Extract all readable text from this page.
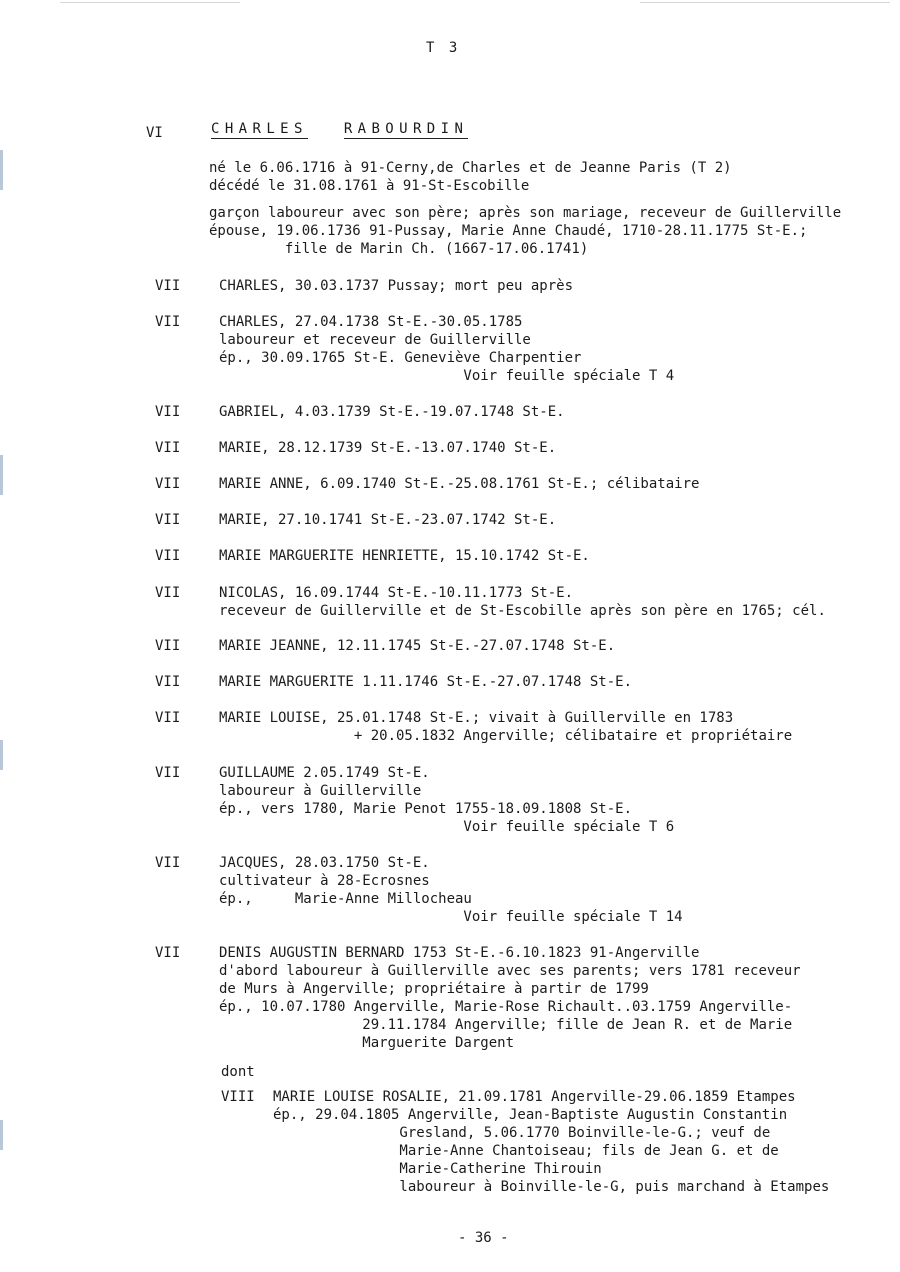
T 3
VI	CHARLES	RABOURDIN
né le 6.06.1716 à 91-Cerny,de Charles et de Jeanne Paris (T 2)
décédé le 31.08.1761 à 91-St-Escobille
garçon laboureur avec son père; après son mariage, receveur de Guillerville
épouse, 19.06.1736 91-Pussay, Marie Anne Chaudé, 1710-28.11.1775 St-E.;
fille de Marin Ch. (1667-17.06.1741)
VII	CHARLES, 30.03.1737 Pussay; mort peu après
VII	CHARLES, 27.04.1738 St-E.-30.05.1785
laboureur et receveur de Guillerville
ép., 30.09.1765 St-E. Geneviève Charpentier
Voir feuille spéciale T 4
VII	GABRIEL, 4.03.1739 St-E.-19.07.1748 St-E.
VII	MARIE, 28.12.1739 St-E.-13.07.1740 St-E.
VII	MARIE ANNE, 6.09.1740 St-E.-25.08.1761 St-E.; célibataire
VII	MARIE, 27.10.1741 St-E.-23.07.1742 St-E.
VII	MARIE MARGUERITE HENRIETTE, 15.10.1742 St-E.
VII	NICOLAS, 16.09.1744 St-E.-10.11.1773 St-E.
receveur de Guillerville et de St-Escobille après son père en 1765; cél.
VII	MARIE JEANNE, 12.11.1745 St-E.-27.07.1748 St-E.
VII	MARIE MARGUERITE 1.11.1746 St-E.-27.07.1748 St-E.
VII	MARIE LOUISE, 25.01.1748 St-E.; vivait à Guillerville en 1783
+ 20.05.1832 Angerville; célibataire et propriétaire
VII	GUILLAUME 2.05.1749 St-E.
laboureur à Guillerville
ép., vers 1780, Marie Penot 1755-18.09.1808 St-E.
Voir feuille spéciale T 6
VII	JACQUES, 28.03.1750 St-E.
cultivateur à 28-Ecrosnes
ép.,     Marie-Anne Millocheau
Voir feuille spéciale T 14
VII	DENIS AUGUSTIN BERNARD 1753 St-E.-6.10.1823 91-Angerville
d'abord laboureur à Guillerville avec ses parents; vers 1781 receveur
de Murs à Angerville; propriétaire à partir de 1799
ép., 10.07.1780 Angerville, Marie-Rose Richault..03.1759 Angerville-
29.11.1784 Angerville; fille de Jean R. et de Marie
Marguerite Dargent
dont
VIII MARIE LOUISE ROSALIE, 21.09.1781 Angerville-29.06.1859 Etampes
ép., 29.04.1805 Angerville, Jean-Baptiste Augustin Constantin
Gresland, 5.06.1770 Boinville-le-G.; veuf de
Marie-Anne Chantoiseau; fils de Jean G. et de
Marie-Catherine Thirouin
laboureur à Boinville-le-G, puis marchand à Etampes
- 36 -
